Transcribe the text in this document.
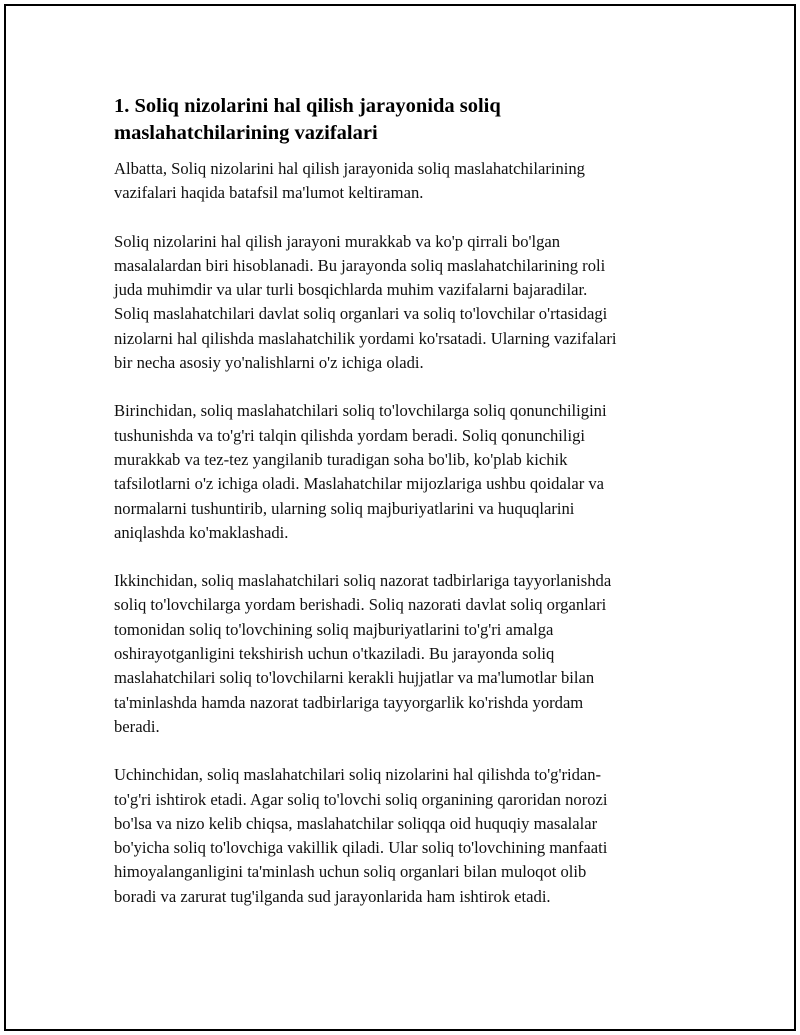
1. Soliq nizolarini hal qilish jarayonida soliq
maslahatchilarining vazifalari

Albatta, Soliq nizolarini hal qilish jarayonida soliq maslahatchilarining
vazifalari haqida batafsil ma'lumot keltiraman.

Soliq nizolarini hal qilish jarayoni murakkab va ko'p qirrali bo'lgan
masalalardan biri hisoblanadi. Bu jarayonda soliq maslahatchilarining roli
juda muhimdir va ular turli bosqichlarda muhim vazifalarni bajaradilar.
Soliq maslahatchilari davlat soliq organlari va soliq to'lovchilar o'rtasidagi
nizolarni hal qilishda maslahatchilik yordami ko'rsatadi. Ularning vazifalari
bir necha asosiy yo'nalishlarni o'z ichiga oladi.

Birinchidan, soliq maslahatchilari soliq to'lovchilarga soliq qonunchiligini
tushunishda va to'g'ri talqin qilishda yordam beradi. Soliq qonunchiligi
murakkab va tez-tez yangilanib turadigan soha bo'lib, ko'plab kichik
tafsilotlarni o'z ichiga oladi. Maslahatchilar mijozlariga ushbu qoidalar va
normalarni tushuntirib, ularning soliq majburiyatlarini va huquqlarini
aniqlashda ko'maklashadi.

Ikkinchidan, soliq maslahatchilari soliq nazorat tadbirlariga tayyorlanishda
soliq to'lovchilarga yordam berishadi. Soliq nazorati davlat soliq organlari
tomonidan soliq to'lovchining soliq majburiyatlarini to'g'ri amalga
oshirayotganligini tekshirish uchun o'tkaziladi. Bu jarayonda soliq
maslahatchilari soliq to'lovchilarni kerakli hujjatlar va ma'lumotlar bilan
ta'minlashda hamda nazorat tadbirlariga tayyorgarlik ko'rishda yordam
beradi.

Uchinchidan, soliq maslahatchilari soliq nizolarini hal qilishda to'g'ridan-
to'g'ri ishtirok etadi. Agar soliq to'lovchi soliq organining qaroridan norozi
bo'lsa va nizo kelib chiqsa, maslahatchilar soliqqa oid huquqiy masalalar
bo'yicha soliq to'lovchiga vakillik qiladi. Ular soliq to'lovchining manfaati
himoyalanganligini ta'minlash uchun soliq organlari bilan muloqot olib
boradi va zarurat tug'ilganda sud jarayonlarida ham ishtirok etadi.
